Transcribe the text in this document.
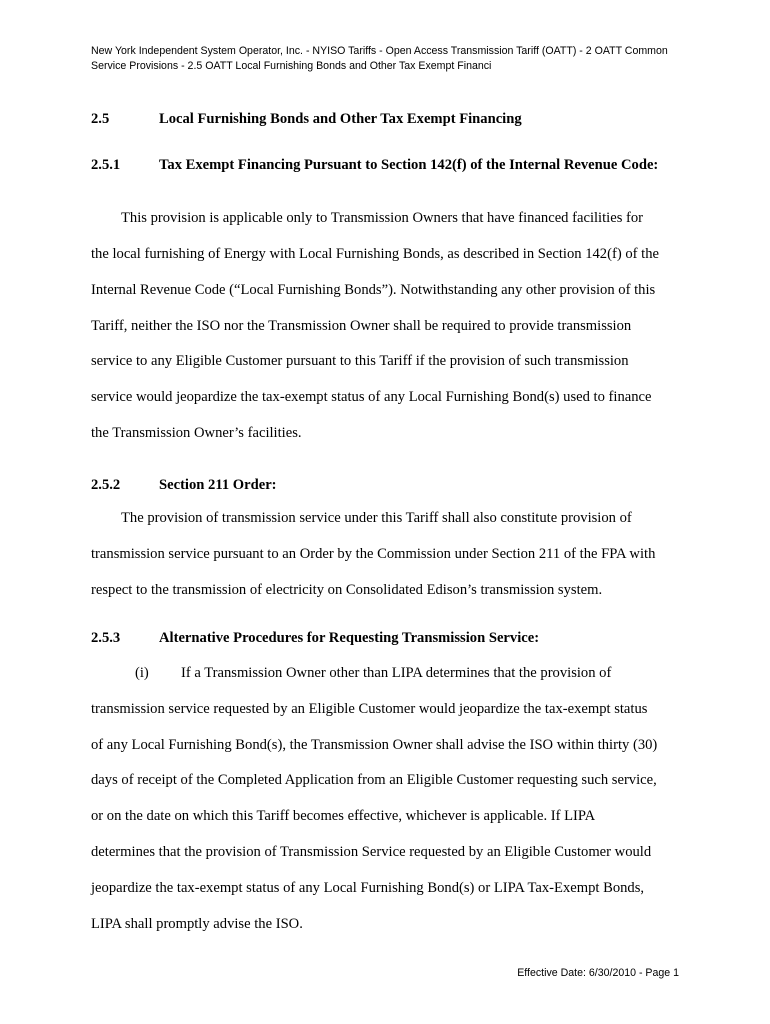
New York Independent System Operator, Inc. - NYISO Tariffs - Open Access Transmission Tariff (OATT) - 2 OATT Common
Service Provisions - 2.5 OATT Local Furnishing Bonds and Other Tax Exempt Financi
2.5	Local Furnishing Bonds and Other Tax Exempt Financing
2.5.1	Tax Exempt Financing Pursuant to Section 142(f) of the Internal Revenue Code:
This provision is applicable only to Transmission Owners that have financed facilities for
the local furnishing of Energy with Local Furnishing Bonds, as described in Section 142(f) of the
Internal Revenue Code (“Local Furnishing Bonds”). Notwithstanding any other provision of this
Tariff, neither the ISO nor the Transmission Owner shall be required to provide transmission
service to any Eligible Customer pursuant to this Tariff if the provision of such transmission
service would jeopardize the tax-exempt status of any Local Furnishing Bond(s) used to finance
the Transmission Owner’s facilities.
2.5.2	Section 211 Order:
The provision of transmission service under this Tariff shall also constitute provision of
transmission service pursuant to an Order by the Commission under Section 211 of the FPA with
respect to the transmission of electricity on Consolidated Edison’s transmission system.
2.5.3	Alternative Procedures for Requesting Transmission Service:
(i) If a Transmission Owner other than LIPA determines that the provision of
transmission service requested by an Eligible Customer would jeopardize the tax-exempt status
of any Local Furnishing Bond(s), the Transmission Owner shall advise the ISO within thirty (30)
days of receipt of the Completed Application from an Eligible Customer requesting such service,
or on the date on which this Tariff becomes effective, whichever is applicable. If LIPA
determines that the provision of Transmission Service requested by an Eligible Customer would
jeopardize the tax-exempt status of any Local Furnishing Bond(s) or LIPA Tax-Exempt Bonds,
LIPA shall promptly advise the ISO.
Effective Date: 6/30/2010 - Page 1
